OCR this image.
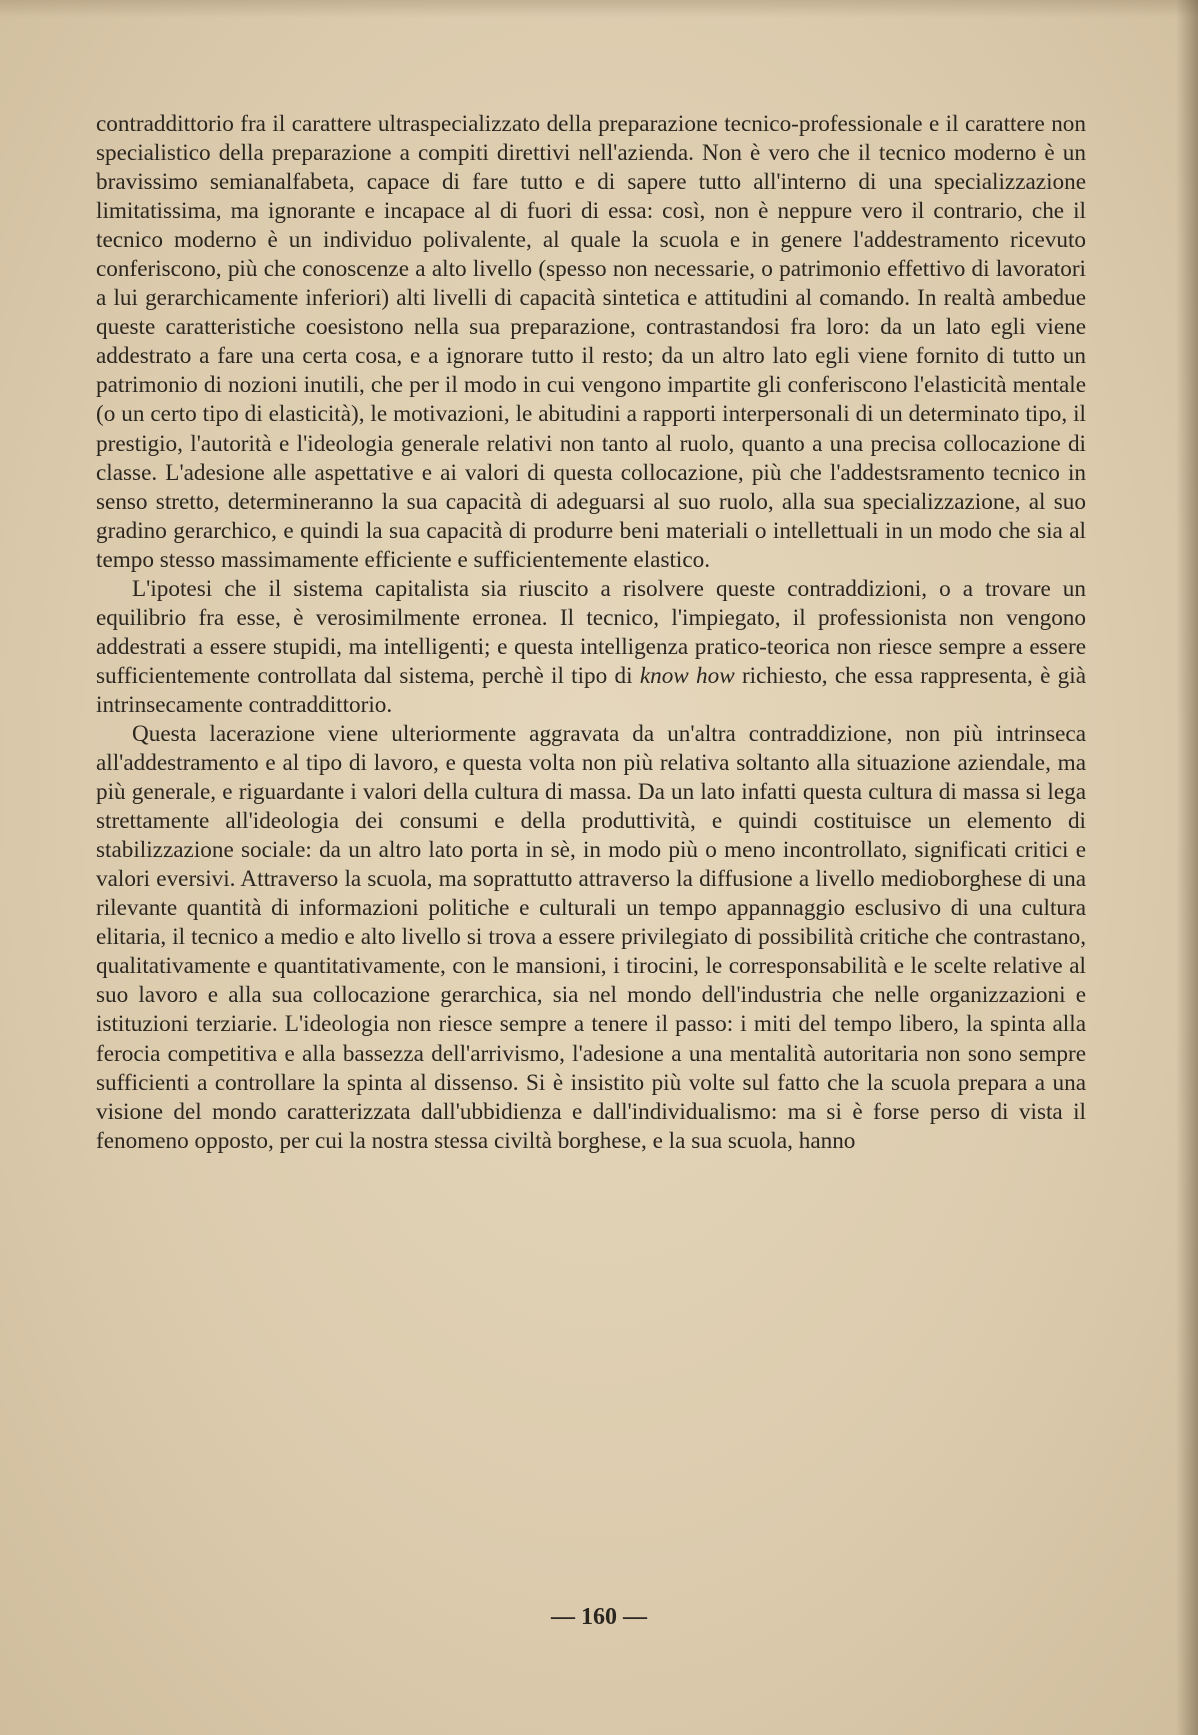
contraddittorio fra il carattere ultraspecializzato della preparazione tecnico-professionale e il carattere non specialistico della preparazione a compiti direttivi nell'azienda. Non è vero che il tecnico moderno è un bravissimo semianalfabeta, capace di fare tutto e di sapere tutto all'interno di una specializzazione limitatissima, ma ignorante e incapace al di fuori di essa: così, non è neppure vero il contrario, che il tecnico moderno è un individuo polivalente, al quale la scuola e in genere l'addestramento ricevuto conferiscono, più che conoscenze a alto livello (spesso non necessarie, o patrimonio effettivo di lavoratori a lui gerarchicamente inferiori) alti livelli di capacità sintetica e attitudini al comando. In realtà ambedue queste caratteristiche coesistono nella sua preparazione, contrastandosi fra loro: da un lato egli viene addestrato a fare una certa cosa, e a ignorare tutto il resto; da un altro lato egli viene fornito di tutto un patrimonio di nozioni inutili, che per il modo in cui vengono impartite gli conferiscono l'elasticità mentale (o un certo tipo di elasticità), le motivazioni, le abitudini a rapporti interpersonali di un determinato tipo, il prestigio, l'autorità e l'ideologia generale relativi non tanto al ruolo, quanto a una precisa collocazione di classe. L'adesione alle aspettative e ai valori di questa collocazione, più che l'addestsramento tecnico in senso stretto, determineranno la sua capacità di adeguarsi al suo ruolo, alla sua specializzazione, al suo gradino gerarchico, e quindi la sua capacità di produrre beni materiali o intellettuali in un modo che sia al tempo stesso massimamente efficiente e sufficientemente elastico.

L'ipotesi che il sistema capitalista sia riuscito a risolvere queste contraddizioni, o a trovare un equilibrio fra esse, è verosimilmente erronea. Il tecnico, l'impiegato, il professionista non vengono addestrati a essere stupidi, ma intelligenti; e questa intelligenza pratico-teorica non riesce sempre a essere sufficientemente controllata dal sistema, perchè il tipo di know how richiesto, che essa rappresenta, è già intrinsecamente contraddittorio.

Questa lacerazione viene ulteriormente aggravata da un'altra contraddizione, non più intrinseca all'addestramento e al tipo di lavoro, e questa volta non più relativa soltanto alla situazione aziendale, ma più generale, e riguardante i valori della cultura di massa. Da un lato infatti questa cultura di massa si lega strettamente all'ideologia dei consumi e della produttività, e quindi costituisce un elemento di stabilizzazione sociale: da un altro lato porta in sè, in modo più o meno incontrollato, significati critici e valori eversivi. Attraverso la scuola, ma soprattutto attraverso la diffusione a livello medioborghese di una rilevante quantità di informazioni politiche e culturali un tempo appannaggio esclusivo di una cultura elitaria, il tecnico a medio e alto livello si trova a essere privilegiato di possibilità critiche che contrastano, qualitativamente e quantitativamente, con le mansioni, i tirocini, le corresponsabilità e le scelte relative al suo lavoro e alla sua collocazione gerarchica, sia nel mondo dell'industria che nelle organizzazioni e istituzioni terziarie. L'ideologia non riesce sempre a tenere il passo: i miti del tempo libero, la spinta alla ferocia competitiva e alla bassezza dell'arrivismo, l'adesione a una mentalità autoritaria non sono sempre sufficienti a controllare la spinta al dissenso. Si è insistito più volte sul fatto che la scuola prepara a una visione del mondo caratterizzata dall'ubbidienza e dall'individualismo: ma si è forse perso di vista il fenomeno opposto, per cui la nostra stessa civiltà borghese, e la sua scuola, hanno

— 160 —
